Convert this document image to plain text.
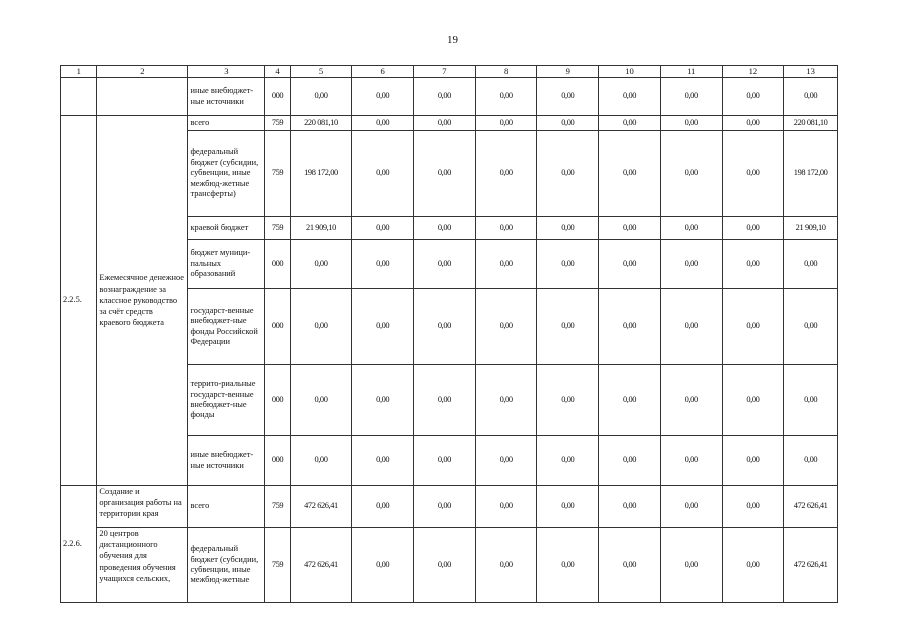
19
1	2	3	4	5	6	7	8	9	10	11	12	13
		иные внебюджет-ные источники	000	0,00	0,00	0,00	0,00	0,00	0,00	0,00	0,00	0,00
2.2.5.	Ежемесячное денежное вознаграждение за классное руководство за счёт средств краевого бюджета	всего	759	220 081,10	0,00	0,00	0,00	0,00	0,00	0,00	0,00	220 081,10
		федеральный бюджет (субсидии, субвенции, иные межбюд-жетные трансферты)	759	198 172,00	0,00	0,00	0,00	0,00	0,00	0,00	0,00	198 172,00
		краевой бюджет	759	21 909,10	0,00	0,00	0,00	0,00	0,00	0,00	0,00	21 909,10
		бюджет муници-пальных образований	000	0,00	0,00	0,00	0,00	0,00	0,00	0,00	0,00	0,00
		государст-венные внебюджет-ные фонды Российской Федерации	000	0,00	0,00	0,00	0,00	0,00	0,00	0,00	0,00	0,00
		террито-риальные государст-венные внебюджет-ные фонды	000	0,00	0,00	0,00	0,00	0,00	0,00	0,00	0,00	0,00
		иные внебюджет-ные источники	000	0,00	0,00	0,00	0,00	0,00	0,00	0,00	0,00	0,00
2.2.6.	Создание и организация работы на территории края	всего	759	472 626,41	0,00	0,00	0,00	0,00	0,00	0,00	0,00	472 626,41
	20 центров дистанционного обучения для проведения обучения учащихся сельских,	федеральный бюджет (субсидии, субвенции, иные межбюд-жетные	759	472 626,41	0,00	0,00	0,00	0,00	0,00	0,00	0,00	472 626,41
